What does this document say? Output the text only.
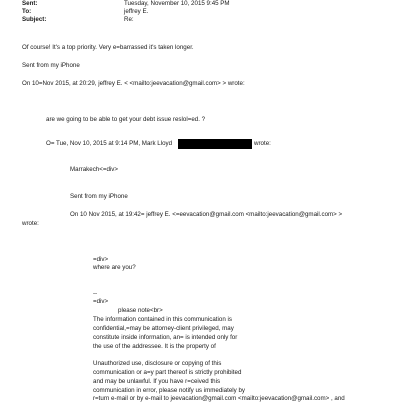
Sent:	Tuesday, November 10, 2015 9:45 PM
To:	jeffrey E.
Subject:	Re:
Of course! It's a top priority. Very e=barrassed it's taken longer.
Sent from my iPhone
On 10=Nov 2015, at 20:29, jeffrey E. < <mailto:jeevacation@gmail.com> > wrote:
are we going to be able to get your debt issue reslol=ed. ?
O= Tue, Nov 10, 2015 at 9:14 PM, Mark Lloyd	wrote:
Marrakech<=div>
Sent from my iPhone
On 10 Nov 2015, at 19:42= jeffrey E. <=eevacation@gmail.com <mailto:jeevacation@gmail.com> >
wrote:
=div>
where are you?
--
=div>
please note<br>
The information contained in this communication is
confidential,=may be attorney-client privileged, may
constitute inside information, an= is intended only for
the use of the addressee. It is the property of
Unauthorized use, disclosure or copying of this
communication or a=y part thereof is strictly prohibited
and may be unlawful. If you have r=ceived this
communication in error, please notify us immediately by
r=turn e-mail or by e-mail to jeevacation@gmail.com <mailto:jeevacation@gmail.com> , and
